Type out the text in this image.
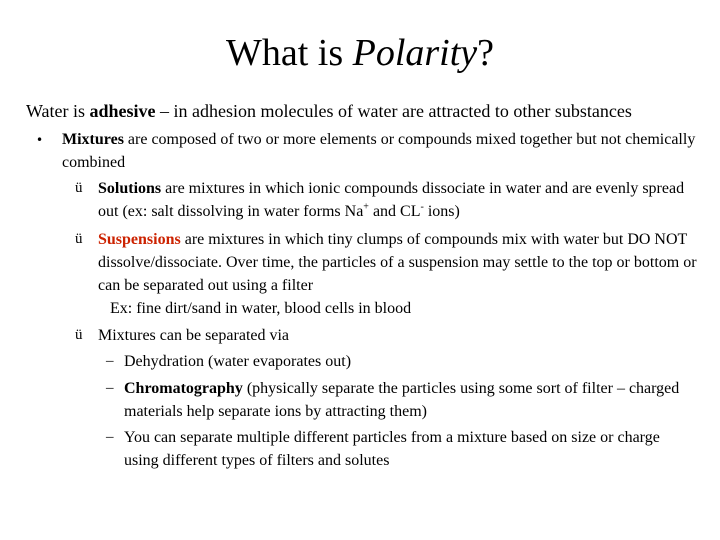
What is Polarity?
Water is adhesive – in adhesion molecules of water are attracted to other substances
• Mixtures are composed of two or more elements or compounds mixed together but not chemically combined
ü Solutions are mixtures in which ionic compounds dissociate in water and are evenly spread out (ex: salt dissolving in water forms Na+ and CL- ions)
ü Suspensions are mixtures in which tiny clumps of compounds mix with water but DO NOT dissolve/dissociate. Over time, the particles of a suspension may settle to the top or bottom or can be separated out using a filter
Ex: fine dirt/sand in water, blood cells in blood
ü Mixtures can be separated via
– Dehydration (water evaporates out)
– Chromatography (physically separate the particles using some sort of filter – charged materials help separate ions by attracting them)
– You can separate multiple different particles from a mixture based on size or charge using different types of filters and solutes
